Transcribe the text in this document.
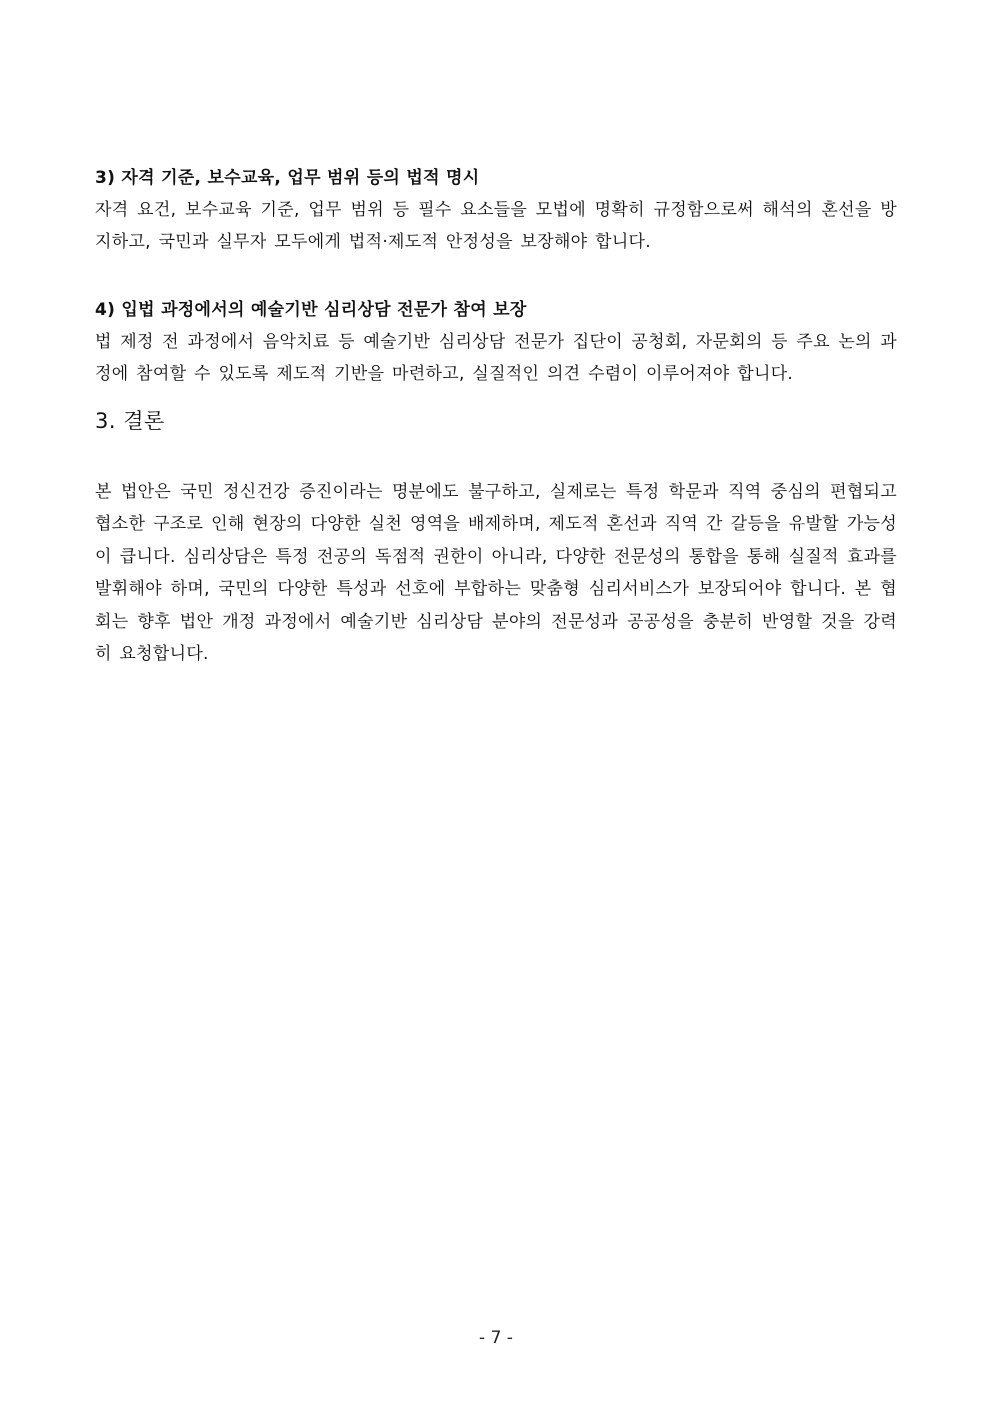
3) 자격 기준, 보수교육, 업무 범위 등의 법적 명시

자격 요건, 보수교육 기준, 업무 범위 등 필수 요소들을 모법에 명확히 규정함으로써 해석의 혼선을 방지하고, 국민과 실무자 모두에게 법적·제도적 안정성을 보장해야 합니다.

4) 입법 과정에서의 예술기반 심리상담 전문가 참여 보장

법 제정 전 과정에서 음악치료 등 예술기반 심리상담 전문가 집단이 공청회, 자문회의 등 주요 논의 과정에 참여할 수 있도록 제도적 기반을 마련하고, 실질적인 의견 수렴이 이루어져야 합니다.

3. 결론

본 법안은 국민 정신건강 증진이라는 명분에도 불구하고, 실제로는 특정 학문과 직역 중심의 편협되고 협소한 구조로 인해 현장의 다양한 실천 영역을 배제하며, 제도적 혼선과 직역 간 갈등을 유발할 가능성이 큽니다. 심리상담은 특정 전공의 독점적 권한이 아니라, 다양한 전문성의 통합을 통해 실질적 효과를 발휘해야 하며, 국민의 다양한 특성과 선호에 부합하는 맞춤형 심리서비스가 보장되어야 합니다. 본 협회는 향후 법안 개정 과정에서 예술기반 심리상담 분야의 전문성과 공공성을 충분히 반영할 것을 강력히 요청합니다.

- 7 -
